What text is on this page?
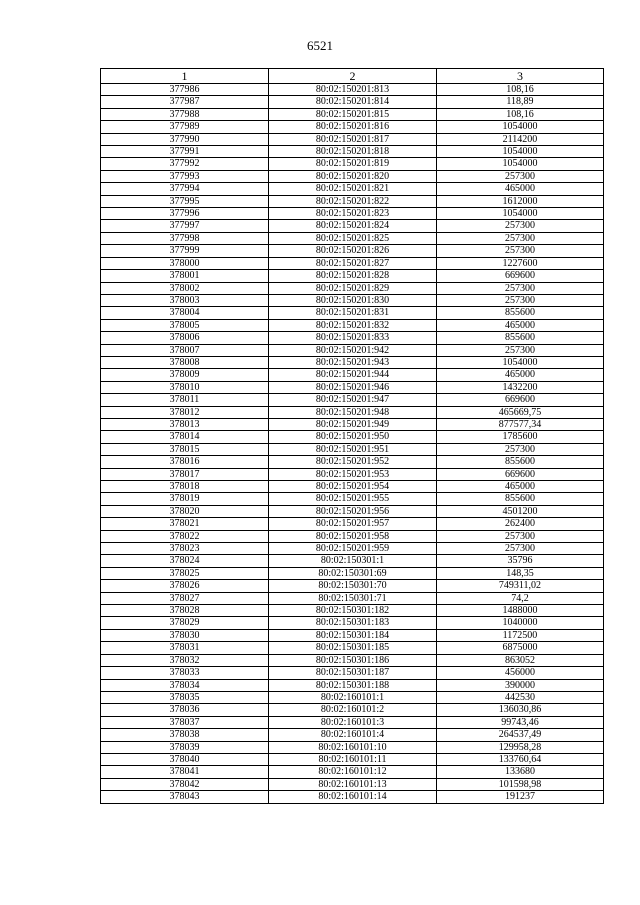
6521
1	2	3
377986	80:02:150201:813	108,16
377987	80:02:150201:814	118,89
377988	80:02:150201:815	108,16
377989	80:02:150201:816	1054000
377990	80:02:150201:817	2114200
377991	80:02:150201:818	1054000
377992	80:02:150201:819	1054000
377993	80:02:150201:820	257300
377994	80:02:150201:821	465000
377995	80:02:150201:822	1612000
377996	80:02:150201:823	1054000
377997	80:02:150201:824	257300
377998	80:02:150201:825	257300
377999	80:02:150201:826	257300
378000	80:02:150201:827	1227600
378001	80:02:150201:828	669600
378002	80:02:150201:829	257300
378003	80:02:150201:830	257300
378004	80:02:150201:831	855600
378005	80:02:150201:832	465000
378006	80:02:150201:833	855600
378007	80:02:150201:942	257300
378008	80:02:150201:943	1054000
378009	80:02:150201:944	465000
378010	80:02:150201:946	1432200
378011	80:02:150201:947	669600
378012	80:02:150201:948	465669,75
378013	80:02:150201:949	877577,34
378014	80:02:150201:950	1785600
378015	80:02:150201:951	257300
378016	80:02:150201:952	855600
378017	80:02:150201:953	669600
378018	80:02:150201:954	465000
378019	80:02:150201:955	855600
378020	80:02:150201:956	4501200
378021	80:02:150201:957	262400
378022	80:02:150201:958	257300
378023	80:02:150201:959	257300
378024	80:02:150301:1	35796
378025	80:02:150301:69	148,35
378026	80:02:150301:70	749311,02
378027	80:02:150301:71	74,2
378028	80:02:150301:182	1488000
378029	80:02:150301:183	1040000
378030	80:02:150301:184	1172500
378031	80:02:150301:185	6875000
378032	80:02:150301:186	863052
378033	80:02:150301:187	456000
378034	80:02:150301:188	390000
378035	80:02:160101:1	442530
378036	80:02:160101:2	136030,86
378037	80:02:160101:3	99743,46
378038	80:02:160101:4	264537,49
378039	80:02:160101:10	129958,28
378040	80:02:160101:11	133760,64
378041	80:02:160101:12	133680
378042	80:02:160101:13	101598,98
378043	80:02:160101:14	191237
